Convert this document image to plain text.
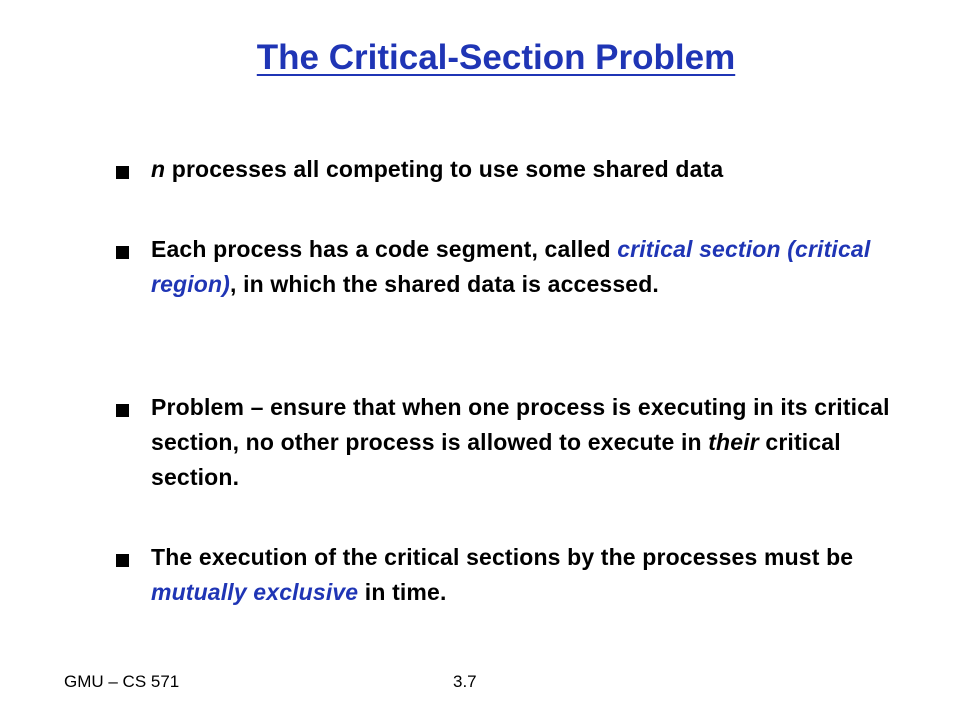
The Critical-Section Problem
n processes all competing to use some shared data
Each process has a code segment, called critical section (critical region), in which the shared data is accessed.
Problem – ensure that when one process is executing in its critical section, no other process is allowed to execute in their critical section.
The execution of the critical sections by the processes must be mutually exclusive in time.
GMU – CS 571	3.7
